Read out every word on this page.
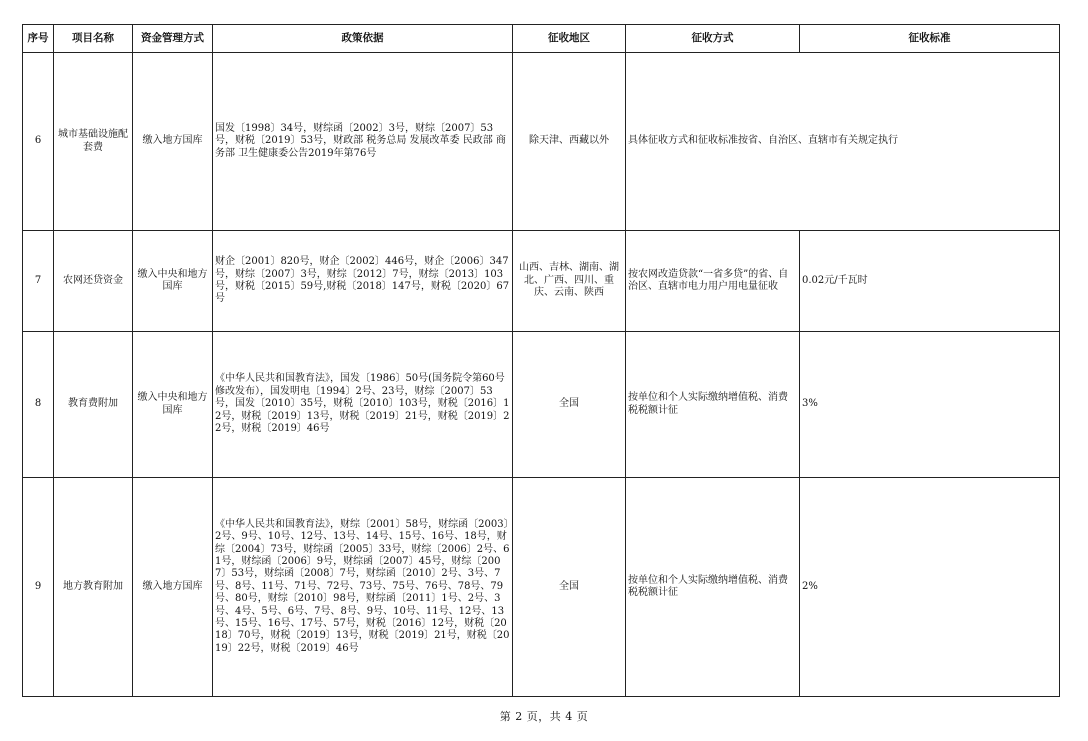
序号	项目名称	资金管理方式	政策依据	征收地区	征收方式	征收标准
6	城市基础设施配套费	缴入地方国库	国发〔1998〕34号，财综函〔2002〕3号，财综〔2007〕53号，财税〔2019〕53号，财政部 税务总局 发展改革委 民政部 商务部 卫生健康委公告2019年第76号	除天津、西藏以外	具体征收方式和征收标准按省、自治区、直辖市有关规定执行	
7	农网还贷资金	缴入中央和地方国库	财企〔2001〕820号，财企〔2002〕446号，财企〔2006〕347号，财综〔2007〕3号，财综〔2012〕7号，财综〔2013〕103号，财税〔2015〕59号,财税〔2018〕147号，财税〔2020〕67号	山西、吉林、湖南、湖北、广西、四川、重庆、云南、陕西	按农网改造贷款“一省多贷”的省、自治区、直辖市电力用户用电量征收	0.02元/千瓦时
8	教育费附加	缴入中央和地方国库	《中华人民共和国教育法》，国发〔1986〕50号(国务院令第60号修改发布），国发明电〔1994〕2号、23号，财综〔2007〕53号，国发〔2010〕35号，财税〔2010〕103号，财税〔2016〕12号，财税〔2019〕13号，财税〔2019〕21号，财税〔2019〕22号，财税〔2019〕46号	全国	按单位和个人实际缴纳增值税、消费税税额计征	3%
9	地方教育附加	缴入地方国库	《中华人民共和国教育法》，财综〔2001〕58号，财综函〔2003〕2号、9号、10号、12号、13号、14号、15号、16号、18号，财综〔2004〕73号，财综函〔2005〕33号，财综〔2006〕2号、61号，财综函〔2006〕9号，财综函〔2007〕45号，财综〔2007〕53号，财综函〔2008〕7号，财综函〔2010〕2号、3号、7号、8号、11号、71号、72号、73号、75号、76号、78号、79号、80号，财综〔2010〕98号，财综函〔2011〕1号、2号、3号、4号、5号、6号、7号、8号、9号、10号、11号、12号、13号、15号、16号、17号、57号，财税〔2016〕12号，财税〔2018〕70号，财税〔2019〕13号，财税〔2019〕21号，财税〔2019〕22号，财税〔2019〕46号	全国	按单位和个人实际缴纳增值税、消费税税额计征	2%
第 2 页，共 4 页
